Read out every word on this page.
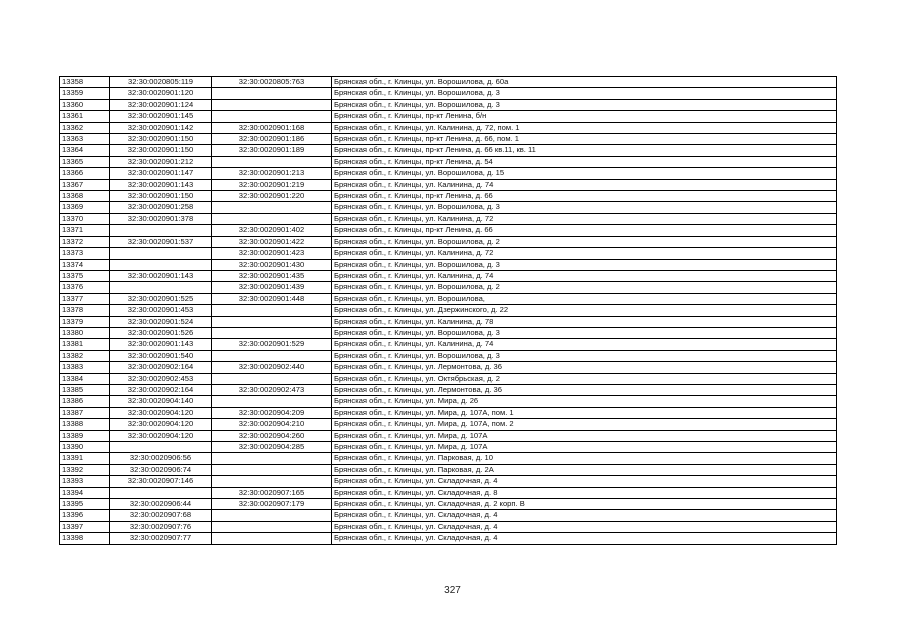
13358	32:30:0020805:119	32:30:0020805:763	Брянская обл., г. Клинцы, ул. Ворошилова, д. 60а
13359	32:30:0020901:120		Брянская обл., г. Клинцы, ул. Ворошилова, д. 3
13360	32:30:0020901:124		Брянская обл., г. Клинцы, ул. Ворошилова, д. 3
13361	32:30:0020901:145		Брянская обл., г. Клинцы, пр-кт Ленина, б/н
13362	32:30:0020901:142	32:30:0020901:168	Брянская обл., г. Клинцы, ул. Калинина, д. 72, пом. 1
13363	32:30:0020901:150	32:30:0020901:186	Брянская обл., г. Клинцы, пр-кт Ленина, д. 66, пом. 1
13364	32:30:0020901:150	32:30:0020901:189	Брянская обл., г. Клинцы, пр-кт Ленина, д. 66 кв.11, кв. 11
13365	32:30:0020901:212		Брянская обл., г. Клинцы, пр-кт Ленина, д. 54
13366	32:30:0020901:147	32:30:0020901:213	Брянская обл., г. Клинцы, ул. Ворошилова, д. 15
13367	32:30:0020901:143	32:30:0020901:219	Брянская обл., г. Клинцы, ул. Калинина, д. 74
13368	32:30:0020901:150	32:30:0020901:220	Брянская обл., г. Клинцы, пр-кт Ленина, д. 66
13369	32:30:0020901:258		Брянская обл., г. Клинцы, ул. Ворошилова, д. 3
13370	32:30:0020901:378		Брянская обл., г. Клинцы, ул. Калинина, д. 72
13371		32:30:0020901:402	Брянская обл., г. Клинцы, пр-кт Ленина, д. 66
13372	32:30:0020901:537	32:30:0020901:422	Брянская обл., г. Клинцы, ул. Ворошилова, д. 2
13373		32:30:0020901:423	Брянская обл., г. Клинцы, ул. Калинина, д. 72
13374		32:30:0020901:430	Брянская обл., г. Клинцы, ул. Ворошилова, д. 3
13375	32:30:0020901:143	32:30:0020901:435	Брянская обл., г. Клинцы, ул. Калинина, д. 74
13376		32:30:0020901:439	Брянская обл., г. Клинцы, ул. Ворошилова, д. 2
13377	32:30:0020901:525	32:30:0020901:448	Брянская обл., г. Клинцы, ул. Ворошилова,
13378	32:30:0020901:453		Брянская обл., г. Клинцы, ул. Дзержинского, д. 22
13379	32:30:0020901:524		Брянская обл., г. Клинцы, ул. Калинина, д. 78
13380	32:30:0020901:526		Брянская обл., г. Клинцы, ул. Ворошилова, д. 3
13381	32:30:0020901:143	32:30:0020901:529	Брянская обл., г. Клинцы, ул. Калинина, д. 74
13382	32:30:0020901:540		Брянская обл., г. Клинцы, ул. Ворошилова, д. 3
13383	32:30:0020902:164	32:30:0020902:440	Брянская обл., г. Клинцы, ул. Лермонтова, д. 36
13384	32:30:0020902:453		Брянская обл., г. Клинцы, ул. Октябрьская, д. 2
13385	32:30:0020902:164	32:30:0020902:473	Брянская обл., г. Клинцы, ул. Лермонтова, д. 36
13386	32:30:0020904:140		Брянская обл., г. Клинцы, ул. Мира, д. 26
13387	32:30:0020904:120	32:30:0020904:209	Брянская обл., г. Клинцы, ул. Мира, д. 107А, пом. 1
13388	32:30:0020904:120	32:30:0020904:210	Брянская обл., г. Клинцы, ул. Мира, д. 107А, пом. 2
13389	32:30:0020904:120	32:30:0020904:260	Брянская обл., г. Клинцы, ул. Мира, д. 107А
13390		32:30:0020904:285	Брянская обл., г. Клинцы, ул. Мира, д. 107А
13391	32:30:0020906:56		Брянская обл., г. Клинцы, ул. Парковая, д. 10
13392	32:30:0020906:74		Брянская обл., г. Клинцы, ул. Парковая, д. 2А
13393	32:30:0020907:146		Брянская обл., г. Клинцы, ул. Складочная, д. 4
13394		32:30:0020907:165	Брянская обл., г. Клинцы, ул. Складочная, д. 8
13395	32:30:0020906:44	32:30:0020907:179	Брянская обл., г. Клинцы, ул. Складочная, д. 2 корп. В
13396	32:30:0020907:68		Брянская обл., г. Клинцы, ул. Складочная, д. 4
13397	32:30:0020907:76		Брянская обл., г. Клинцы, ул. Складочная, д. 4
13398	32:30:0020907:77		Брянская обл., г. Клинцы, ул. Складочная, д. 4
327
